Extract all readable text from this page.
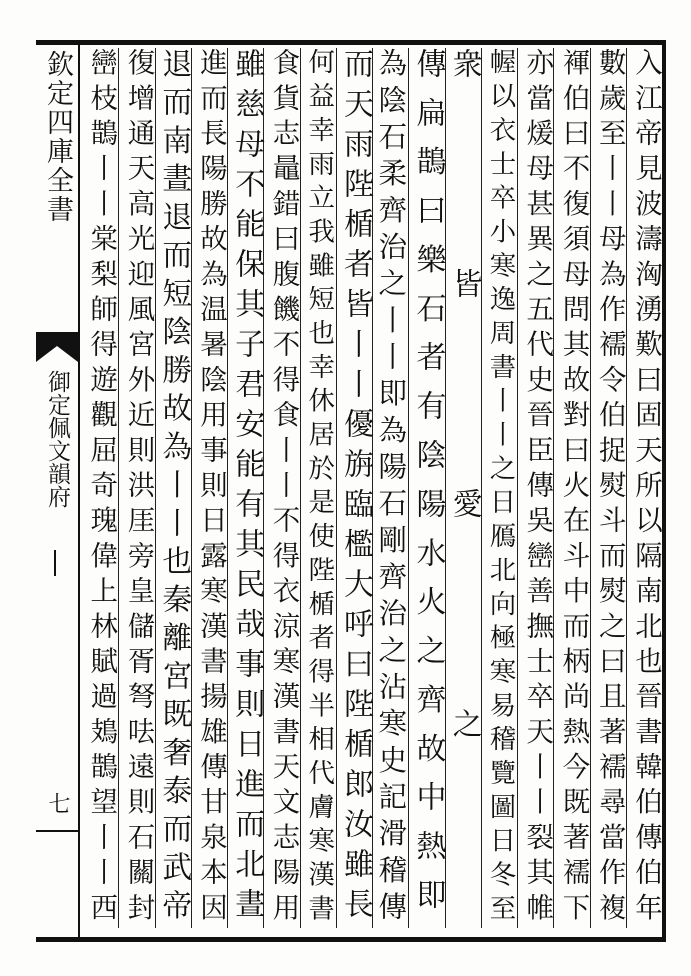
欽定四庫全書
御定佩文韻府
七	入江帝見波濤洶湧歎曰固天所以隔南北也晉書韓伯傳伯年
數歲至丨丨母為作襦令伯捉熨斗而熨之曰且著襦尋當作複
褌伯曰不復須母問其故對曰火在斗中而柄尚熱今既著襦下
亦當煖母甚異之五代史晉臣傳吳巒善撫士卒天丨丨裂其帷
幄以衣士卒小寒逸周書丨丨之日鴈北向極寒易稽覽圖日冬至
衆皆愛之
傳扁鵲曰樂石者有陰陽水火之齊故中熱即
為陰石柔齊治之丨丨即為陽石剛齊治之沾寒史記滑稽傳
而天雨陛楯者皆丨丨優旃臨檻大呼曰陛楯郎汝雖長
何益幸雨立我雖短也幸休居於是使陛楯者得半相代膚寒漢書
食貨志鼂錯曰腹饑不得食丨丨不得衣涼寒漢書天文志陽用
雖慈母不能保其子君安能有其民哉事則日進而北晝
進而長陽勝故為温暑陰用事則日露寒漢書揚雄傳甘泉本因
退而南晝退而短陰勝故為丨丨也秦離宮既奢泰而武帝
復增通天高光迎風宮外近則洪厓旁皇儲胥弩呿遠則石關封
巒枝鵲丨丨棠梨師得遊觀屈奇瑰偉上林賦過鳷鵲望丨丨西
